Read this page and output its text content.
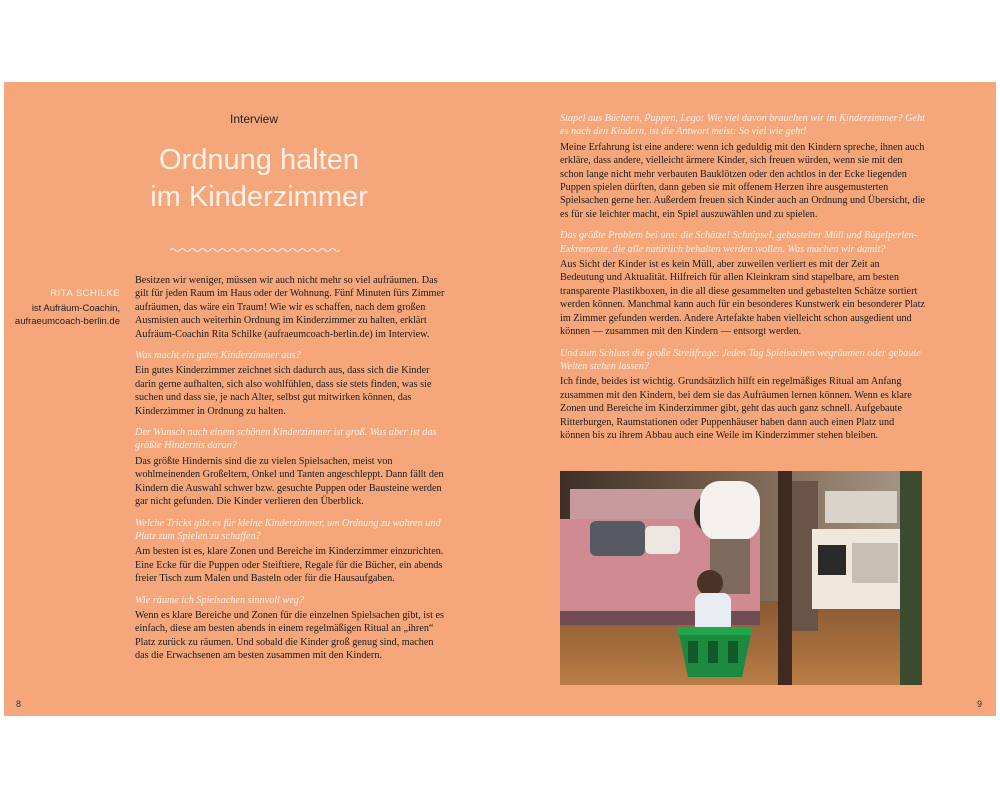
Interview
Ordnung halten
im Kinderzimmer
RITA SCHILKE
ist Aufräum-Coachin,
aufraeumcoach-berlin.de

Besitzen wir weniger, müssen wir auch nicht mehr so viel aufräumen. Das gilt für jeden Raum im Haus oder der Wohnung. Fünf Minuten fürs Zimmer aufräumen, das wäre ein Traum! Wie wir es schaffen, nach dem großen Ausmisten auch weiterhin Ordnung im Kinderzimmer zu halten, erklärt Aufräum-Coachin Rita Schilke (aufraeumcoach-berlin.de) im Interview.

Was macht ein gutes Kinderzimmer aus?

Ein gutes Kinderzimmer zeichnet sich dadurch aus, dass sich die Kinder darin gerne aufhalten, sich also wohlfühlen, dass sie stets finden, was sie suchen und dass sie, je nach Alter, selbst gut mitwirken können, das Kinderzimmer in Ordnung zu halten.

Der Wunsch nach einem schönen Kinderzimmer ist groß. Was aber ist das größte Hindernis daran?

Das größte Hindernis sind die zu vielen Spielsachen, meist von wohlmeinenden Großeltern, Onkel und Tanten angeschleppt. Dann fällt den Kindern die Auswahl schwer bzw. gesuchte Puppen oder Bausteine werden gar nicht gefunden. Die Kinder verlieren den Überblick.

Welche Tricks gibt es für kleine Kinderzimmer, um Ordnung zu wahren und Platz zum Spielen zu schaffen?

Am besten ist es, klare Zonen und Bereiche im Kinderzimmer einzurichten. Eine Ecke für die Puppen oder Steiftiere, Regale für die Bücher, ein abends freier Tisch zum Malen und Basteln oder für die Hausaufgaben.

Wie räume ich Spielsachen sinnvoll weg?

Wenn es klare Bereiche und Zonen für die einzelnen Spielsachen gibt, ist es einfach, diese am besten abends in einem regelmäßigen Ritual an „ihren“ Platz zurück zu räumen. Und sobald die Kinder groß genug sind, machen das die Erwachsenen am besten zusammen mit den Kindern.

8
Stapel aus Büchern, Puppen, Lego: Wie viel davon brauchen wir im Kinderzimmer? Geht es nach den Kindern, ist die Antwort meist: So viel wie geht!

Meine Erfahrung ist eine andere: wenn ich geduldig mit den Kindern spreche, ihnen auch erkläre, dass andere, vielleicht ärmere Kinder, sich freuen würden, wenn sie mit den schon lange nicht mehr verbauten Bauklötzen oder den achtlos in der Ecke liegenden Puppen spielen dürften, dann geben sie mit offenem Herzen ihre ausgemusterten Spielsachen gerne her. Außerdem freuen sich Kinder auch an Ordnung und Übersicht, die es für sie leichter macht, ein Spiel auszuwählen und zu spielen.

Das größte Problem bei uns: die Schätze! Schnipsel, gebastelter Müll und Bügelperlen-Exkremente, die alle natürlich behalten werden wollen. Was machen wir damit?

Aus Sicht der Kinder ist es kein Müll, aber zuweilen verliert es mit der Zeit an Bedeutung und Aktualität. Hilfreich für allen Kleinkram sind stapelbare, am besten transparente Plastikboxen, in die all diese gesammelten und gebastelten Schätze sortiert werden können. Manchmal kann auch für ein besonderes Kunstwerk ein besonderer Platz im Zimmer gefunden werden. Andere Artefakte haben vielleicht schon ausgedient und können — zusammen mit den Kindern — entsorgt werden.

Und zum Schluss die große Streitfrage: Jeden Tag Spielsachen wegräumen oder gebaute Welten stehen lassen?

Ich finde, beides ist wichtig. Grundsätzlich hilft ein regelmäßiges Ritual am Anfang zusammen mit den Kindern, bei dem sie das Aufräumen lernen können. Wenn es klare Zonen und Bereiche im Kinderzimmer gibt, geht das auch ganz schnell. Aufgebaute Ritterburgen, Raumstationen oder Puppenhäuser haben dann auch einen Platz und können bis zu ihrem Abbau auch eine Weile im Kinderzimmer stehen bleiben.

9
